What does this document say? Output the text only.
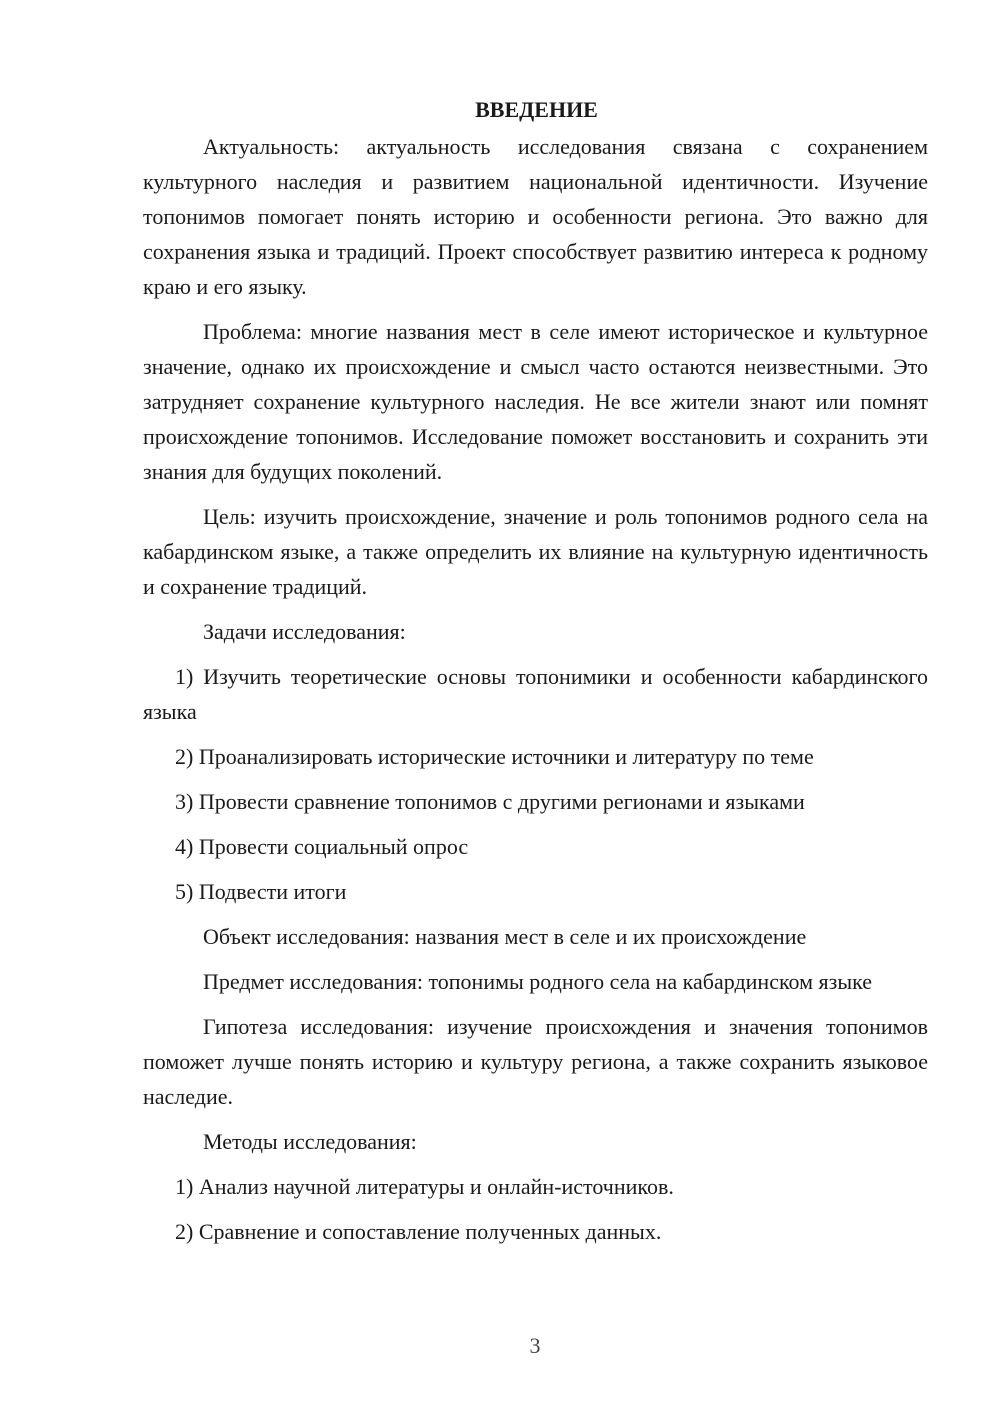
ВВЕДЕНИЕ

Актуальность: актуальность исследования связана с сохранением культурного наследия и развитием национальной идентичности. Изучение топонимов помогает понять историю и особенности региона. Это важно для сохранения языка и традиций. Проект способствует развитию интереса к родному краю и его языку.

Проблема: многие названия мест в селе имеют историческое и культурное значение, однако их происхождение и смысл часто остаются неизвестными. Это затрудняет сохранение культурного наследия. Не все жители знают или помнят происхождение топонимов. Исследование поможет восстановить и сохранить эти знания для будущих поколений.

Цель: изучить происхождение, значение и роль топонимов родного села на кабардинском языке, а также определить их влияние на культурную идентичность и сохранение традиций.

Задачи исследования:

1) Изучить теоретические основы топонимики и особенности кабардинского языка

2) Проанализировать исторические источники и литературу по теме

3) Провести сравнение топонимов с другими регионами и языками

4) Провести социальный опрос

5) Подвести итоги

Объект исследования: названия мест в селе и их происхождение

Предмет исследования: топонимы родного села на кабардинском языке

Гипотеза исследования: изучение происхождения и значения топонимов поможет лучше понять историю и культуру региона, а также сохранить языковое наследие.

Методы исследования:

1) Анализ научной литературы и онлайн-источников.

2) Сравнение и сопоставление полученных данных.

3
